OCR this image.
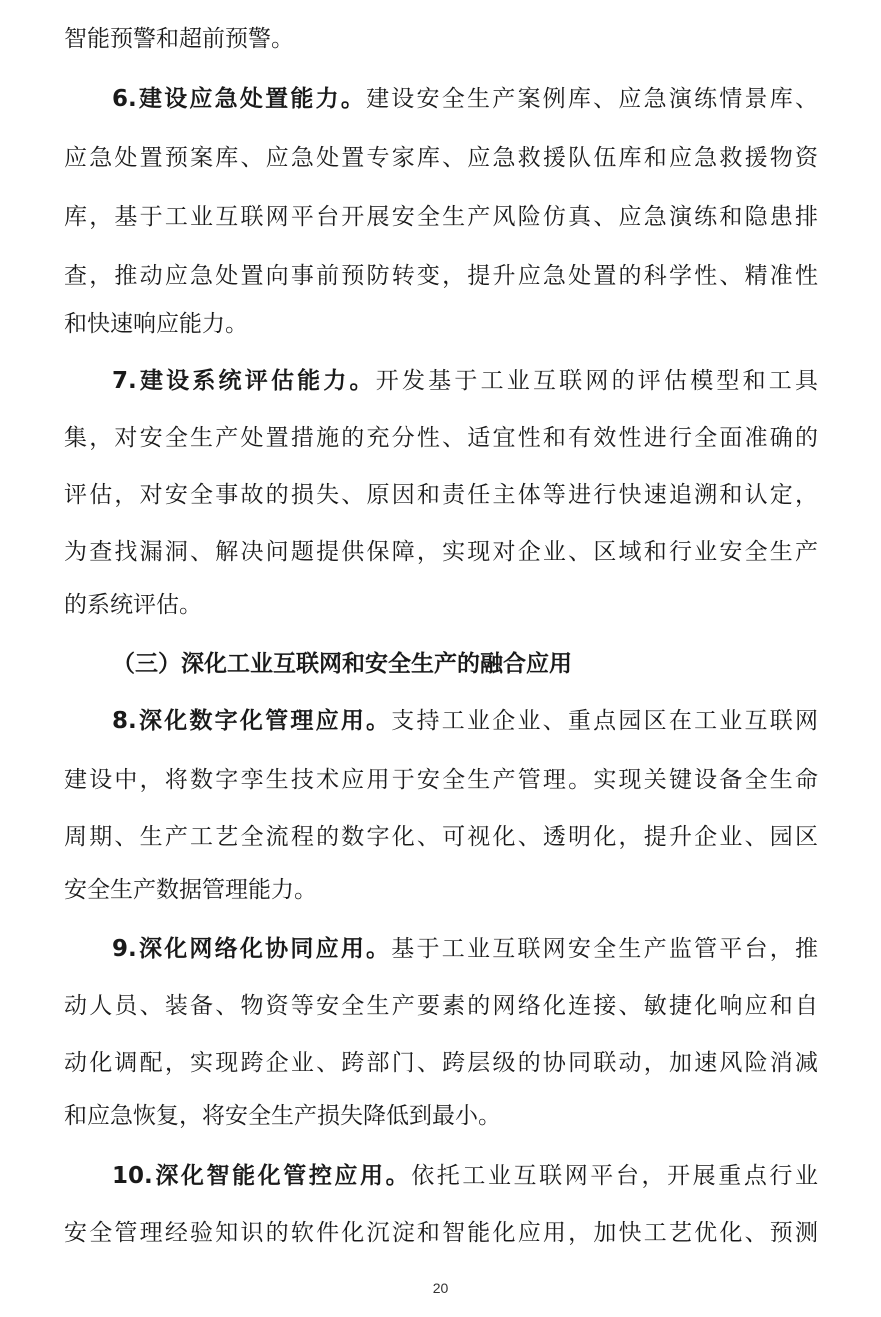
智能预警和超前预警。
6.建设应急处置能力。建设安全生产案例库、应急演练情景库、
应急处置预案库、应急处置专家库、应急救援队伍库和应急救援物资
库，基于工业互联网平台开展安全生产风险仿真、应急演练和隐患排
查，推动应急处置向事前预防转变，提升应急处置的科学性、精准性
和快速响应能力。
7.建设系统评估能力。开发基于工业互联网的评估模型和工具
集，对安全生产处置措施的充分性、适宜性和有效性进行全面准确的
评估，对安全事故的损失、原因和责任主体等进行快速追溯和认定，
为查找漏洞、解决问题提供保障，实现对企业、区域和行业安全生产
的系统评估。
（三）深化工业互联网和安全生产的融合应用
8.深化数字化管理应用。支持工业企业、重点园区在工业互联网
建设中，将数字孪生技术应用于安全生产管理。实现关键设备全生命
周期、生产工艺全流程的数字化、可视化、透明化，提升企业、园区
安全生产数据管理能力。
9.深化网络化协同应用。基于工业互联网安全生产监管平台，推
动人员、装备、物资等安全生产要素的网络化连接、敏捷化响应和自
动化调配，实现跨企业、跨部门、跨层级的协同联动，加速风险消减
和应急恢复，将安全生产损失降低到最小。
10.深化智能化管控应用。依托工业互联网平台，开展重点行业
安全管理经验知识的软件化沉淀和智能化应用，加快工艺优化、预测
20
